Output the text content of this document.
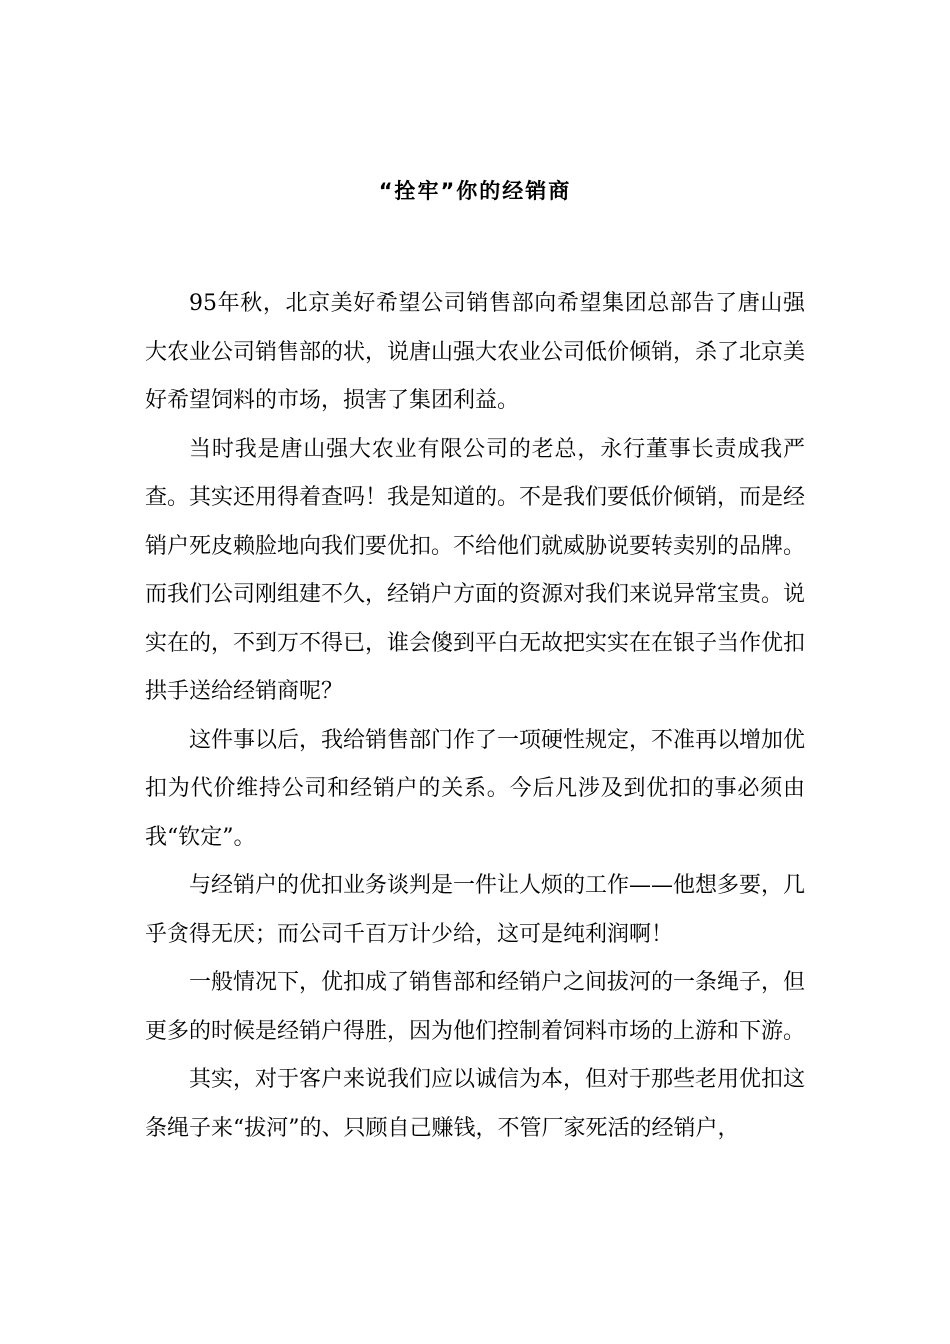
“拴牢”你的经销商

95年秋，北京美好希望公司销售部向希望集团总部告了唐山强大农业公司销售部的状，说唐山强大农业公司低价倾销，杀了北京美好希望饲料的市场，损害了集团利益。

当时我是唐山强大农业有限公司的老总，永行董事长责成我严查。其实还用得着查吗！我是知道的。不是我们要低价倾销，而是经销户死皮赖脸地向我们要优扣。不给他们就威胁说要转卖别的品牌。而我们公司刚组建不久，经销户方面的资源对我们来说异常宝贵。说实在的，不到万不得已，谁会傻到平白无故把实实在在银子当作优扣拱手送给经销商呢？

这件事以后，我给销售部门作了一项硬性规定，不准再以增加优扣为代价维持公司和经销户的关系。今后凡涉及到优扣的事必须由我“钦定”。

与经销户的优扣业务谈判是一件让人烦的工作——他想多要，几乎贪得无厌；而公司千百万计少给，这可是纯利润啊！

一般情况下，优扣成了销售部和经销户之间拔河的一条绳子，但更多的时候是经销户得胜，因为他们控制着饲料市场的上游和下游。

其实，对于客户来说我们应以诚信为本，但对于那些老用优扣这条绳子来“拔河”的、只顾自己赚钱，不管厂家死活的经销户，
